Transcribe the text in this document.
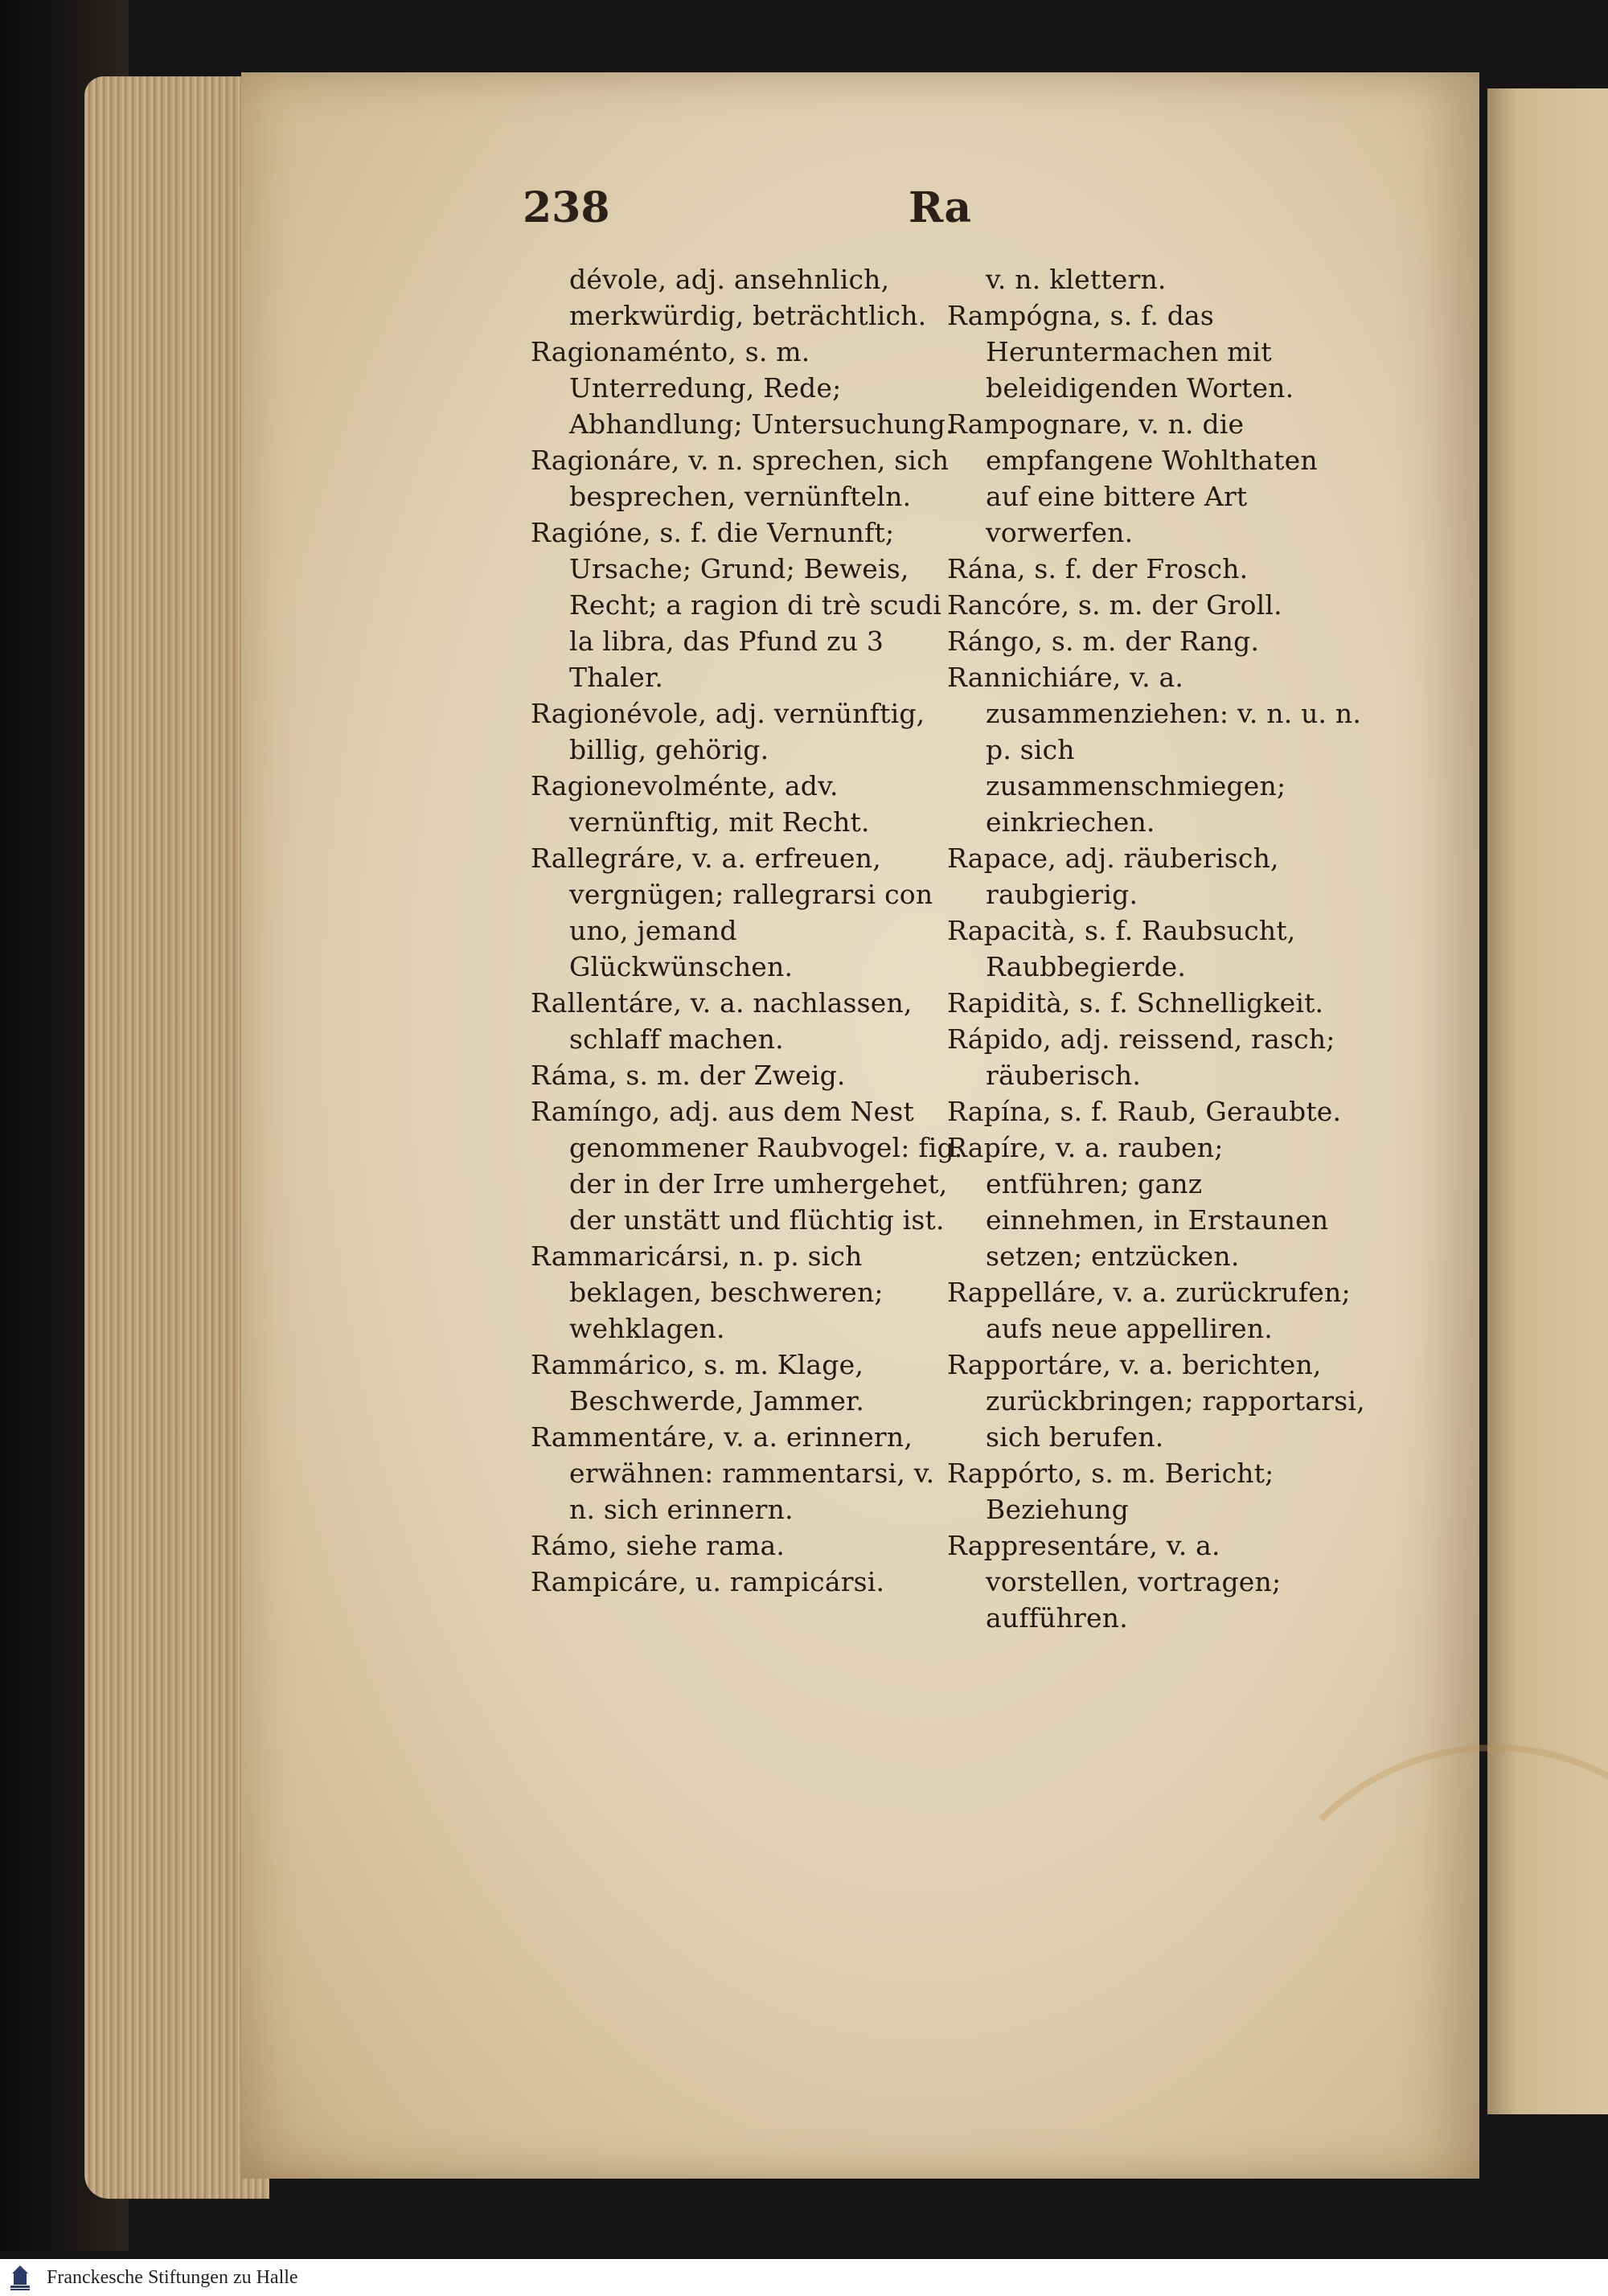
238	Ra

dévole, adj. ansehnlich, merkwürdig, beträchtlich.

Ragionaménto, s. m. Unterredung, Rede; Abhandlung; Untersuchung.

Ragionáre, v. n. sprechen, sich besprechen, vernünfteln.

Ragióne, s. f. die Vernunft; Ursache; Grund; Beweis, Recht; a ragion di trè scudi la libra, das Pfund zu 3 Thaler.

Ragionévole, adj. vernünftig, billig, gehörig.

Ragionevolménte, adv. vernünftig, mit Recht.

Rallegráre, v. a. erfreuen, vergnügen; rallegrarsi con uno, jemand Glückwünschen.

Rallentáre, v. a. nachlassen, schlaff machen.

Ráma, s. m. der Zweig.

Ramíngo, adj. aus dem Nest genommener Raubvogel: fig. der in der Irre umhergehet, der unstätt und flüchtig ist.

Rammaricársi, n. p. sich beklagen, beschweren; wehklagen.

Rammárico, s. m. Klage, Beschwerde, Jammer.

Rammentáre, v. a. erinnern, erwähnen: rammentarsi, v. n. sich erinnern.

Rámo, siehe rama.

Rampicáre, u. rampicársi.

v. n. klettern.

Rampógna, s. f. das Heruntermachen mit beleidigenden Worten.

Rampognare, v. n. die empfangene Wohlthaten auf eine bittere Art vorwerfen.

Rána, s. f. der Frosch.

Rancóre, s. m. der Groll.

Rángo, s. m. der Rang.

Rannichiáre, v. a. zusammenziehen: v. n. u. n. p. sich zusammenschmiegen; einkriechen.

Rapace, adj. räuberisch, raubgierig.

Rapacità, s. f. Raubsucht, Raubbegierde.

Rapidità, s. f. Schnelligkeit.

Rápido, adj. reissend, rasch; räuberisch.

Rapína, s. f. Raub, Geraubte.

Rapíre, v. a. rauben; entführen; ganz einnehmen, in Erstaunen setzen; entzücken.

Rappelláre, v. a. zurückrufen; aufs neue appelliren.

Rapportáre, v. a. berichten, zurückbringen; rapportarsi, sich berufen.

Rappórto, s. m. Bericht; Beziehung

Rappresentáre, v. a. vorstellen, vortragen; aufführen.

Franckesche Stiftungen zu Halle
